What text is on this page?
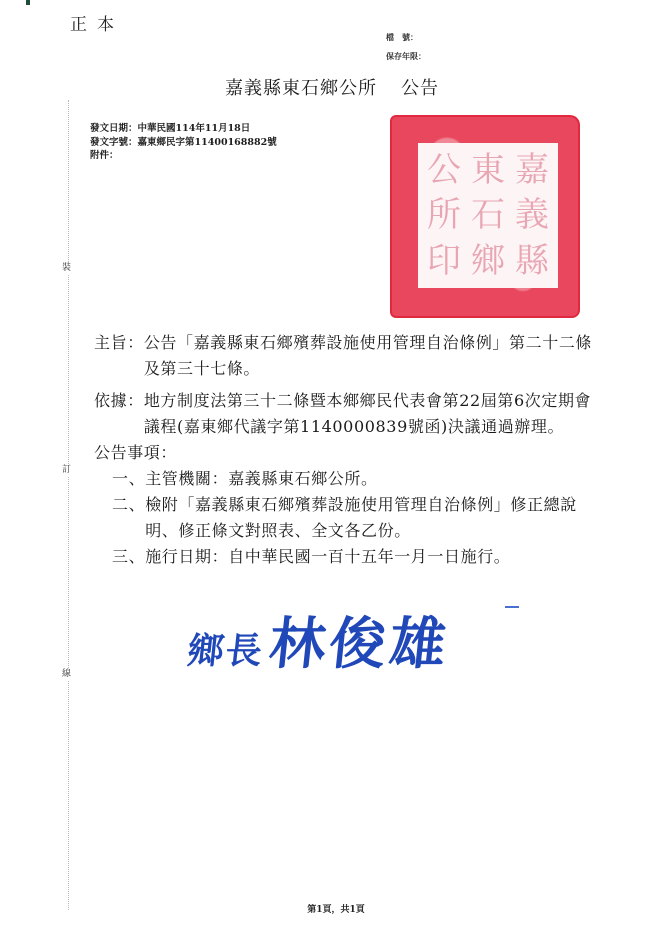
正本
檔　號：
保存年限：
嘉義縣東石鄉公所 公告
裝
訂
線
發文日期：中華民國114年11月18日
發文字號：嘉東鄉民字第11400168882號
附件：	嘉
義
縣
東
石
鄉
公
所
印
主旨： 公告「嘉義縣東石鄉殯葬設施使用管理自治條例」第二十二條及第三十七條。
依據： 地方制度法第三十二條暨本鄉鄉民代表會第22屆第6次定期會議程(嘉東鄉代議字第1140000839號函)決議通過辦理。
公告事項：
一、 主管機關：嘉義縣東石鄉公所。
二、 檢附「嘉義縣東石鄉殯葬設施使用管理自治條例」修正總說明、修正條文對照表、全文各乙份。
三、 施行日期：自中華民國一百十五年一月一日施行。
鄉長 林俊雄
第1頁，共1頁
